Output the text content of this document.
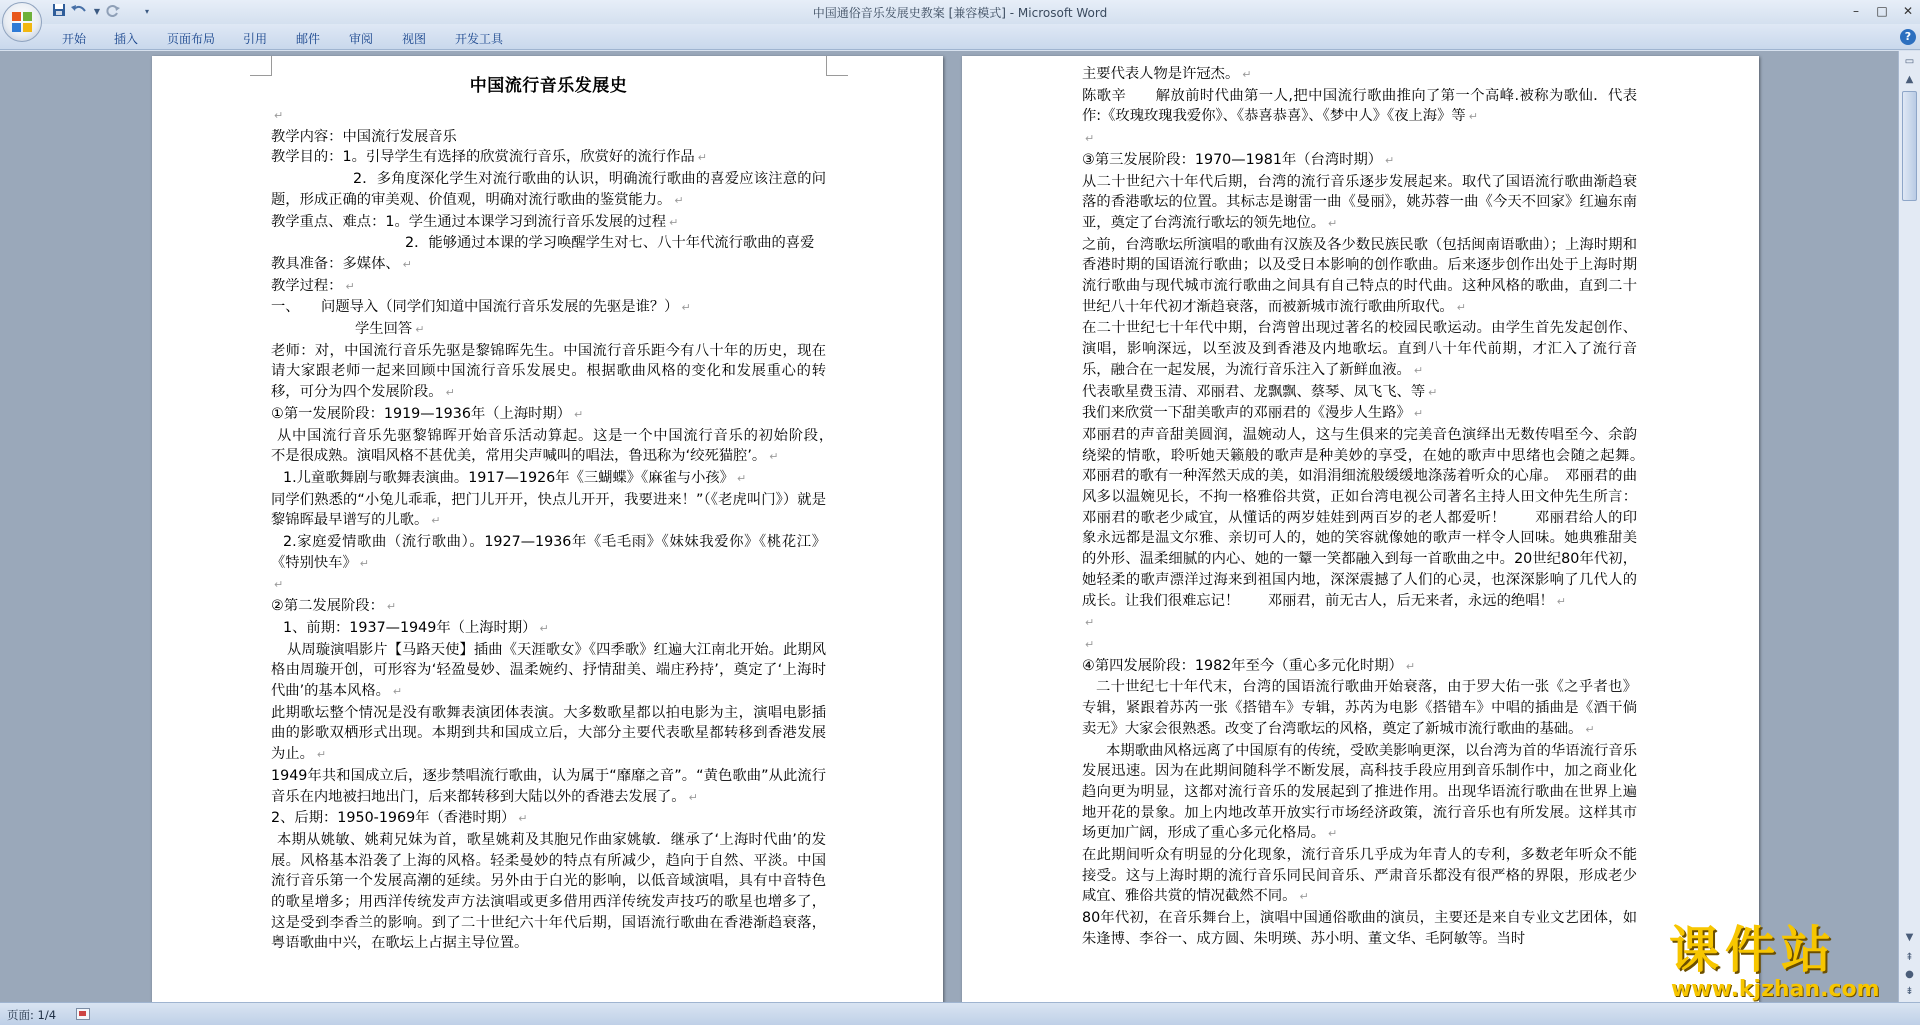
▼	▾	中国通俗音乐发展史教案 [兼容模式] - Microsoft Word	–	□	✕
开始 插入 页面布局 引用 邮件 审阅 视图 开发工具	?
中国流行音乐发展史
↵
教学内容：中国流行发展音乐
教学目的：1。引导学生有选择的欣赏流行音乐，欣赏好的流行作品 ↵
2．多角度深化学生对流行歌曲的认识，明确流行歌曲的喜爱应该注意的问题，形成正确的审美观、价值观，明确对流行歌曲的鉴赏能力。 ↵
教学重点、难点：1。学生通过本课学习到流行音乐发展的过程 ↵
2．能够通过本课的学习唤醒学生对七、八十年代流行歌曲的喜爱
教具准备：多媒体、 ↵
教学过程： ↵
一、　　问题导入（同学们知道中国流行音乐发展的先驱是谁？） ↵
学生回答 ↵
老师：对，中国流行音乐先驱是黎锦晖先生。中国流行音乐距今有八十年的历史，现在请大家跟老师一起来回顾中国流行音乐发展史。根据歌曲风格的变化和发展重心的转移，可分为四个发展阶段。 ↵
①第一发展阶段：1919—1936年（上海时期） ↵
从中国流行音乐先驱黎锦晖开始音乐活动算起。这是一个中国流行音乐的初始阶段，　不是很成熟。演唱风格不甚优美，常用尖声喊叫的唱法，鲁迅称为‘绞死猫腔’。 ↵
1.儿童歌舞剧与歌舞表演曲。1917—1926年《三蝴蝶》《麻雀与小孩》 ↵
同学们熟悉的“小兔儿乖乖，把门儿开开，快点儿开开，我要进来！”（《老虎叫门》）就是黎锦晖最早谱写的儿歌。 ↵
2.家庭爱情歌曲（流行歌曲）。1927—1936年《毛毛雨》《妹妹我爱你》《桃花江》《特别快车》 ↵
↵
②第二发展阶段： ↵
1、前期：1937—1949年（上海时期） ↵
从周璇演唱影片【马路天使】插曲《天涯歌女》《四季歌》红遍大江南北开始。此期风格由周璇开创，可形容为‘轻盈曼妙、温柔婉约、抒情甜美、端庄矜持’，奠定了‘上海时代曲’的基本风格。 ↵
此期歌坛整个情况是没有歌舞表演团体表演。大多数歌星都以拍电影为主，演唱电影插曲的影歌双栖形式出现。本期到共和国成立后，大部分主要代表歌星都转移到香港发展为止。 ↵
1949年共和国成立后，逐步禁唱流行歌曲，认为属于“靡靡之音”。“黄色歌曲”从此流行音乐在内地被扫地出门，后来都转移到大陆以外的香港去发展了。 ↵
2、后期：1950-1969年（香港时期） ↵
本期从姚敏、姚莉兄妹为首，歌星姚莉及其胞兄作曲家姚敏．继承了‘上海时代曲’的发展。风格基本沿袭了上海的风格。轻柔曼妙的特点有所减少，趋向于自然、平淡。中国流行音乐第一个发展高潮的延续。另外由于白光的影响，以低音域演唱，具有中音特色的歌星增多；用西洋传统发声方法演唱或更多借用西洋传统发声技巧的歌星也增多了，这是受到李香兰的影响。到了二十世纪六十年代后期，国语流行歌曲在香港渐趋衰落，粤语歌曲中兴，在歌坛上占据主导位置。
主要代表人物是许冠杰。 ↵
陈歌辛　　解放前时代曲第一人,把中国流行歌曲推向了第一个高峰.被称为歌仙．代表作:《玫瑰玫瑰我爱你》、《恭喜恭喜》、《梦中人》《夜上海》等 ↵
↵
③第三发展阶段：1970—1981年（台湾时期） ↵
从二十世纪六十年代后期，台湾的流行音乐逐步发展起来。取代了国语流行歌曲渐趋衰落的香港歌坛的位置。其标志是谢雷一曲《曼丽》，姚苏蓉一曲《今天不回家》红遍东南亚，奠定了台湾流行歌坛的领先地位。 ↵
之前，台湾歌坛所演唱的歌曲有汉族及各少数民族民歌（包括闽南语歌曲）；上海时期和香港时期的国语流行歌曲；以及受日本影响的创作歌曲。后来逐步创作出处于上海时期流行歌曲与现代城市流行歌曲之间具有自己特点的时代曲。这种风格的歌曲，直到二十世纪八十年代初才渐趋衰落，而被新城市流行歌曲所取代。 ↵
在二十世纪七十年代中期，台湾曾出现过著名的校园民歌运动。由学生首先发起创作、演唱，影响深远，以至波及到香港及内地歌坛。直到八十年代前期，才汇入了流行音乐，融合在一起发展，为流行音乐注入了新鲜血液。 ↵
代表歌星费玉清、邓丽君、龙飘飘、蔡琴、凤飞飞、等 ↵
我们来欣赏一下甜美歌声的邓丽君的《漫步人生路》 ↵
邓丽君的声音甜美圆润，温婉动人，这与生俱来的完美音色演绎出无数传唱至今、余韵绕梁的情歌，聆听她天籁般的歌声是种美妙的享受，在她的歌声中思绪也会随之起舞。　　邓丽君的歌有一种浑然天成的美，如涓涓细流般缓缓地涤荡着听众的心扉。　邓丽君的曲风多以温婉见长，不拘一格雅俗共赏，正如台湾电视公司著名主持人田文仲先生所言：邓丽君的歌老少咸宜，从懂话的两岁娃娃到两百岁的老人都爱听！　　邓丽君给人的印象永远都是温文尔雅、亲切可人的，她的笑容就像她的歌声一样令人回味。她典雅甜美的外形、温柔细腻的内心、她的一颦一笑都融入到每一首歌曲之中。20世纪80年代初，她轻柔的歌声漂洋过海来到祖国内地，深深震撼了人们的心灵，也深深影响了几代人的成长。让我们很难忘记！　　邓丽君，前无古人，后无来者，永远的绝唱！ ↵
↵
↵
④第四发展阶段：1982年至今（重心多元化时期） ↵
二十世纪七十年代末，台湾的国语流行歌曲开始衰落，由于罗大佑一张《之乎者也》专辑，紧跟着苏芮一张《搭错车》专辑，苏芮为电影《搭错车》中唱的插曲是《酒干倘卖无》大家会很熟悉。改变了台湾歌坛的风格，奠定了新城市流行歌曲的基础。 ↵
本期歌曲风格远离了中国原有的传统，受欧美影响更深，以台湾为首的华语流行音乐发展迅速。因为在此期间随科学不断发展，高科技手段应用到音乐制作中，加之商业化趋向更为明显，这都对流行音乐的发展起到了推进作用。出现华语流行歌曲在世界上遍地开花的景象。加上内地改革开放实行市场经济政策，流行音乐也有所发展。这样其市场更加广阔，形成了重心多元化格局。 ↵
在此期间听众有明显的分化现象，流行音乐几乎成为年青人的专利，多数老年听众不能接受。这与上海时期的流行音乐同民间音乐、严肃音乐都没有很严格的界限，形成老少咸宜、雅俗共赏的情况截然不同。 ↵
80年代初，在音乐舞台上，演唱中国通俗歌曲的演员，主要还是来自专业文艺团体，如朱逢博、李谷一、成方圆、朱明瑛、苏小明、董文华、毛阿敏等。当时
▭
▲
▼
⇞
●
⇟
页面: 1/4
课件站
www.kjzhan.com
